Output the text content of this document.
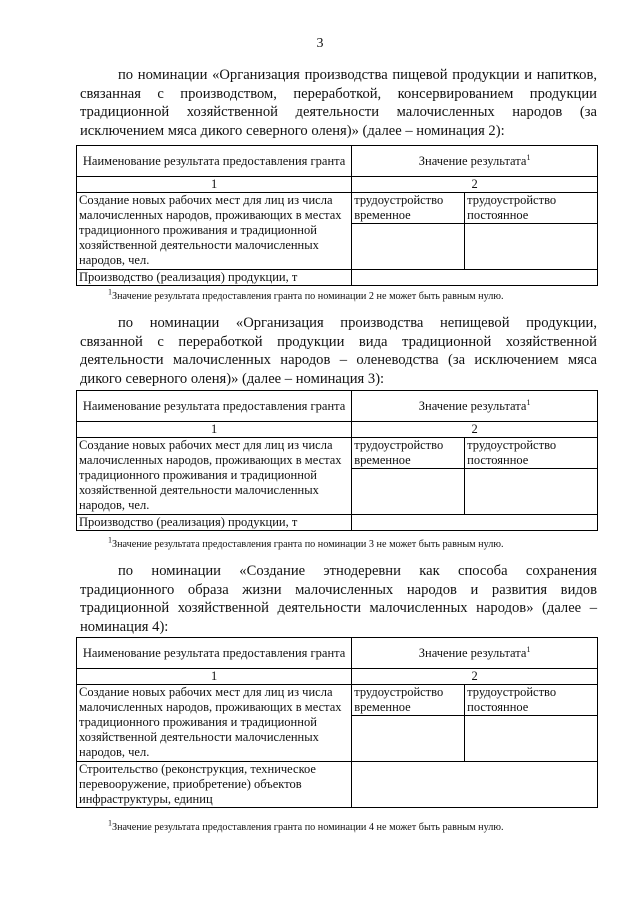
3
по номинации «Организация производства пищевой продукции и напитков, связанная с производством, переработкой, консервированием продукции традиционной хозяйственной деятельности малочисленных народов (за исключением мяса дикого северного оленя)» (далее – номинация 2):
Наименование результата предоставления гранта	Значение результата$^1$
1	2	
Создание новых рабочих мест для лиц из числа малочисленных народов, проживающих в местах традиционного проживания и традиционной хозяйственной деятельности малочисленных народов, чел.	трудоустройство временное	трудоустройство постоянное

Производство (реализация) продукции, т		
$^1$Значение результата предоставления гранта по номинации 2 не может быть равным нулю.
по номинации «Организация производства непищевой продукции, связанной с переработкой продукции вида традиционной хозяйственной деятельности малочисленных народов – оленеводства (за исключением мяса дикого северного оленя)» (далее – номинация 3):
Наименование результата предоставления гранта	Значение результата$^1$
1	2	
Создание новых рабочих мест для лиц из числа малочисленных народов, проживающих в местах традиционного проживания и традиционной хозяйственной деятельности малочисленных народов, чел.	трудоустройство временное	трудоустройство постоянное

Производство (реализация) продукции, т		
$^1$Значение результата предоставления гранта по номинации 3 не может быть равным нулю.
по номинации «Создание этнодеревни как способа сохранения традиционного образа жизни малочисленных народов и развития видов традиционной хозяйственной деятельности малочисленных народов» (далее – номинация 4):
Наименование результата предоставления гранта	Значение результата$^1$
1	2	
Создание новых рабочих мест для лиц из числа малочисленных народов, проживающих в местах традиционного проживания и традиционной хозяйственной деятельности малочисленных народов, чел.	трудоустройство временное	трудоустройство постоянное

Строительство (реконструкция, техническое перевооружение, приобретение) объектов инфраструктуры, единиц		
$^1$Значение результата предоставления гранта по номинации 4 не может быть равным нулю.
